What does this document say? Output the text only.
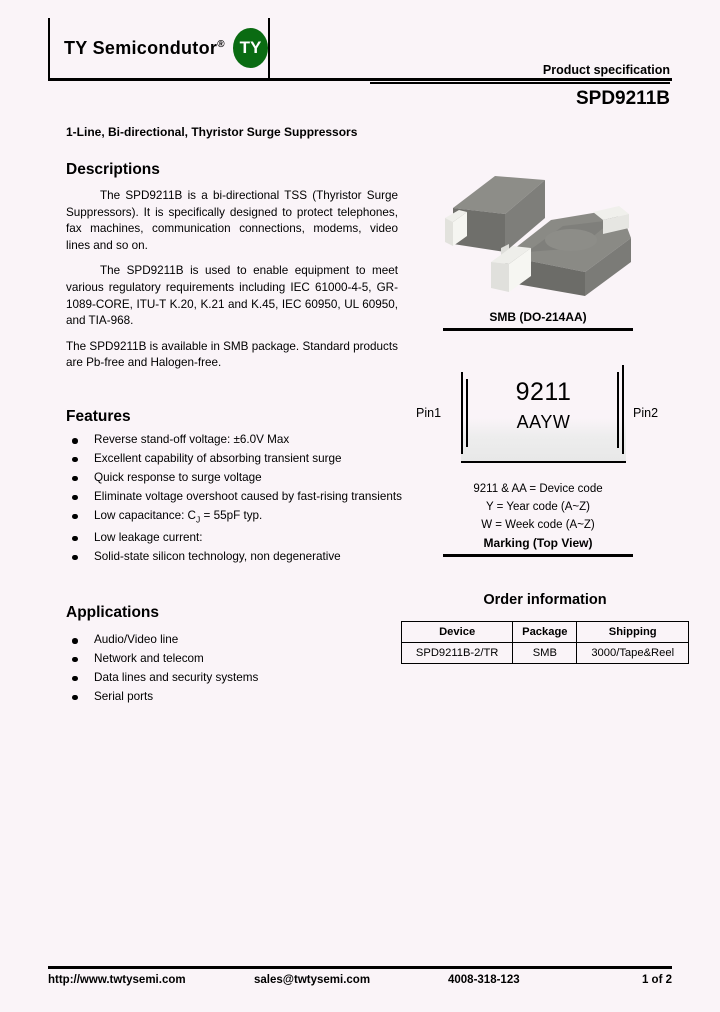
TY Semicondutor® TY
Product specification
SPD9211B
1-Line, Bi-directional, Thyristor Surge Suppressors
Descriptions

The SPD9211B is a bi-directional TSS (Thyristor Surge Suppressors). It is specifically designed to protect telephones, fax machines, communication connections, modems, video lines and so on.

The SPD9211B is used to enable equipment to meet various regulatory requirements including IEC 61000-4-5, GR-1089-CORE, ITU-T K.20, K.21 and K.45, IEC 60950, UL 60950, and TIA-968.

The SPD9211B is available in SMB package. Standard products are Pb-free and Halogen-free.

Features
Reverse stand-off voltage: ±6.0V Max
Excellent capability of absorbing transient surge
Quick response to surge voltage
Eliminate voltage overshoot caused by fast-rising transients
Low capacitance: $C_J = 55pF$ typ.
Low leakage current:
Solid-state silicon technology, non degenerative
Applications
Audio/Video line
Network and telecom
Data lines and security systems
Serial ports
SMB (DO-214AA)
9211
AAYW
Pin1	Pin2
9211 & AA = Device code
Y = Year code (A~Z)
W = Week code (A~Z)
Marking (Top View)
Order information
Device	Package	Shipping
SPD9211B-2/TR	SMB	3000/Tape&Reel
http://www.twtysemi.com	sales@twtysemi.com	4008-318-123	1 of 2
